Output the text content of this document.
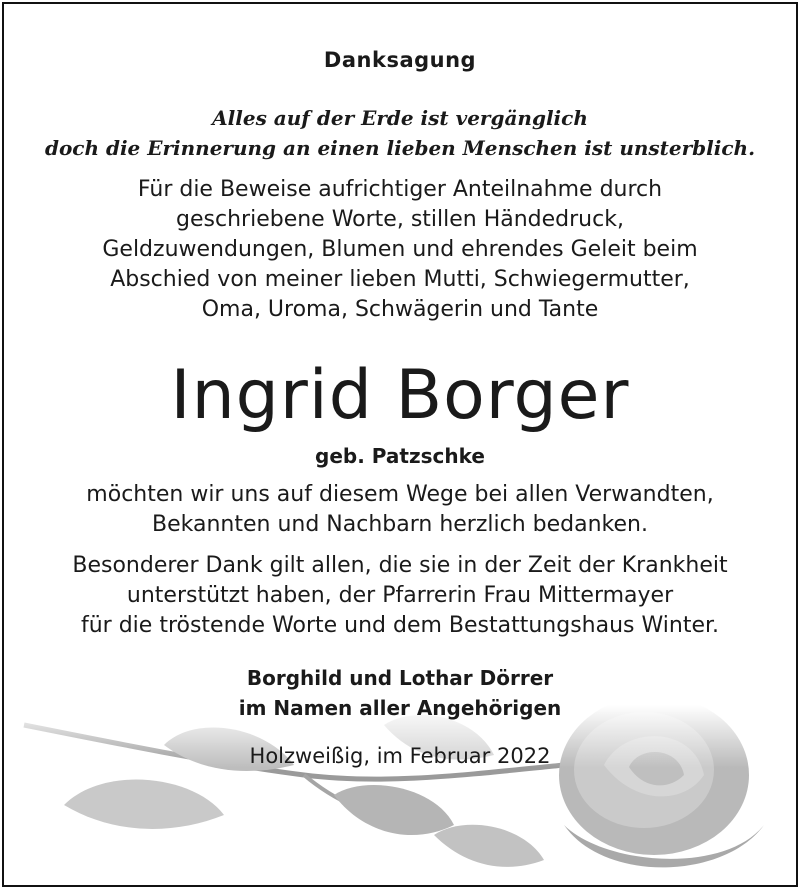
Danksagung
Alles auf der Erde ist vergänglich
doch die Erinnerung an einen lieben Menschen ist unsterblich.
Für die Beweise aufrichtiger Anteilnahme durch
geschriebene Worte, stillen Händedruck,
Geldzuwendungen, Blumen und ehrendes Geleit beim
Abschied von meiner lieben Mutti, Schwiegermutter,
Oma, Uroma, Schwägerin und Tante
Ingrid Borger
geb. Patzschke
möchten wir uns auf diesem Wege bei allen Verwandten,
Bekannten und Nachbarn herzlich bedanken.
Besonderer Dank gilt allen, die sie in der Zeit der Krankheit
unterstützt haben, der Pfarrerin Frau Mittermayer
für die tröstende Worte und dem Bestattungshaus Winter.
Borghild und Lothar Dörrer
im Namen aller Angehörigen
Holzweißig, im Februar 2022
